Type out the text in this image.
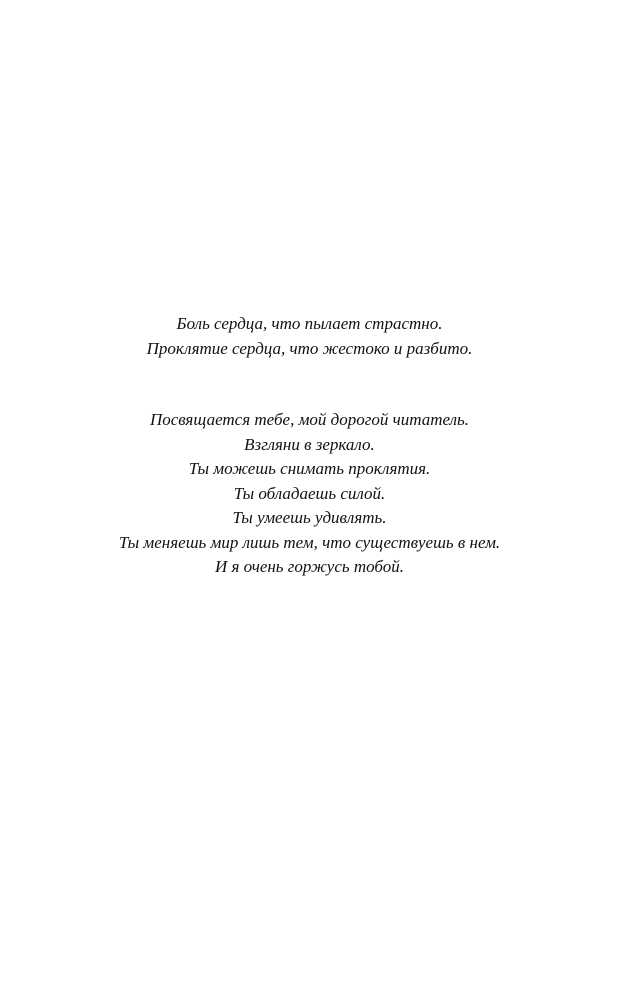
Боль сердца, что пылает страстно.
Проклятие сердца, что жестоко и разбито.
Посвящается тебе, мой дорогой читатель.
Взгляни в зеркало.
Ты можешь снимать проклятия.
Ты обладаешь силой.
Ты умеешь удивлять.
Ты меняешь мир лишь тем, что существуешь в нем.
И я очень горжусь тобой.
